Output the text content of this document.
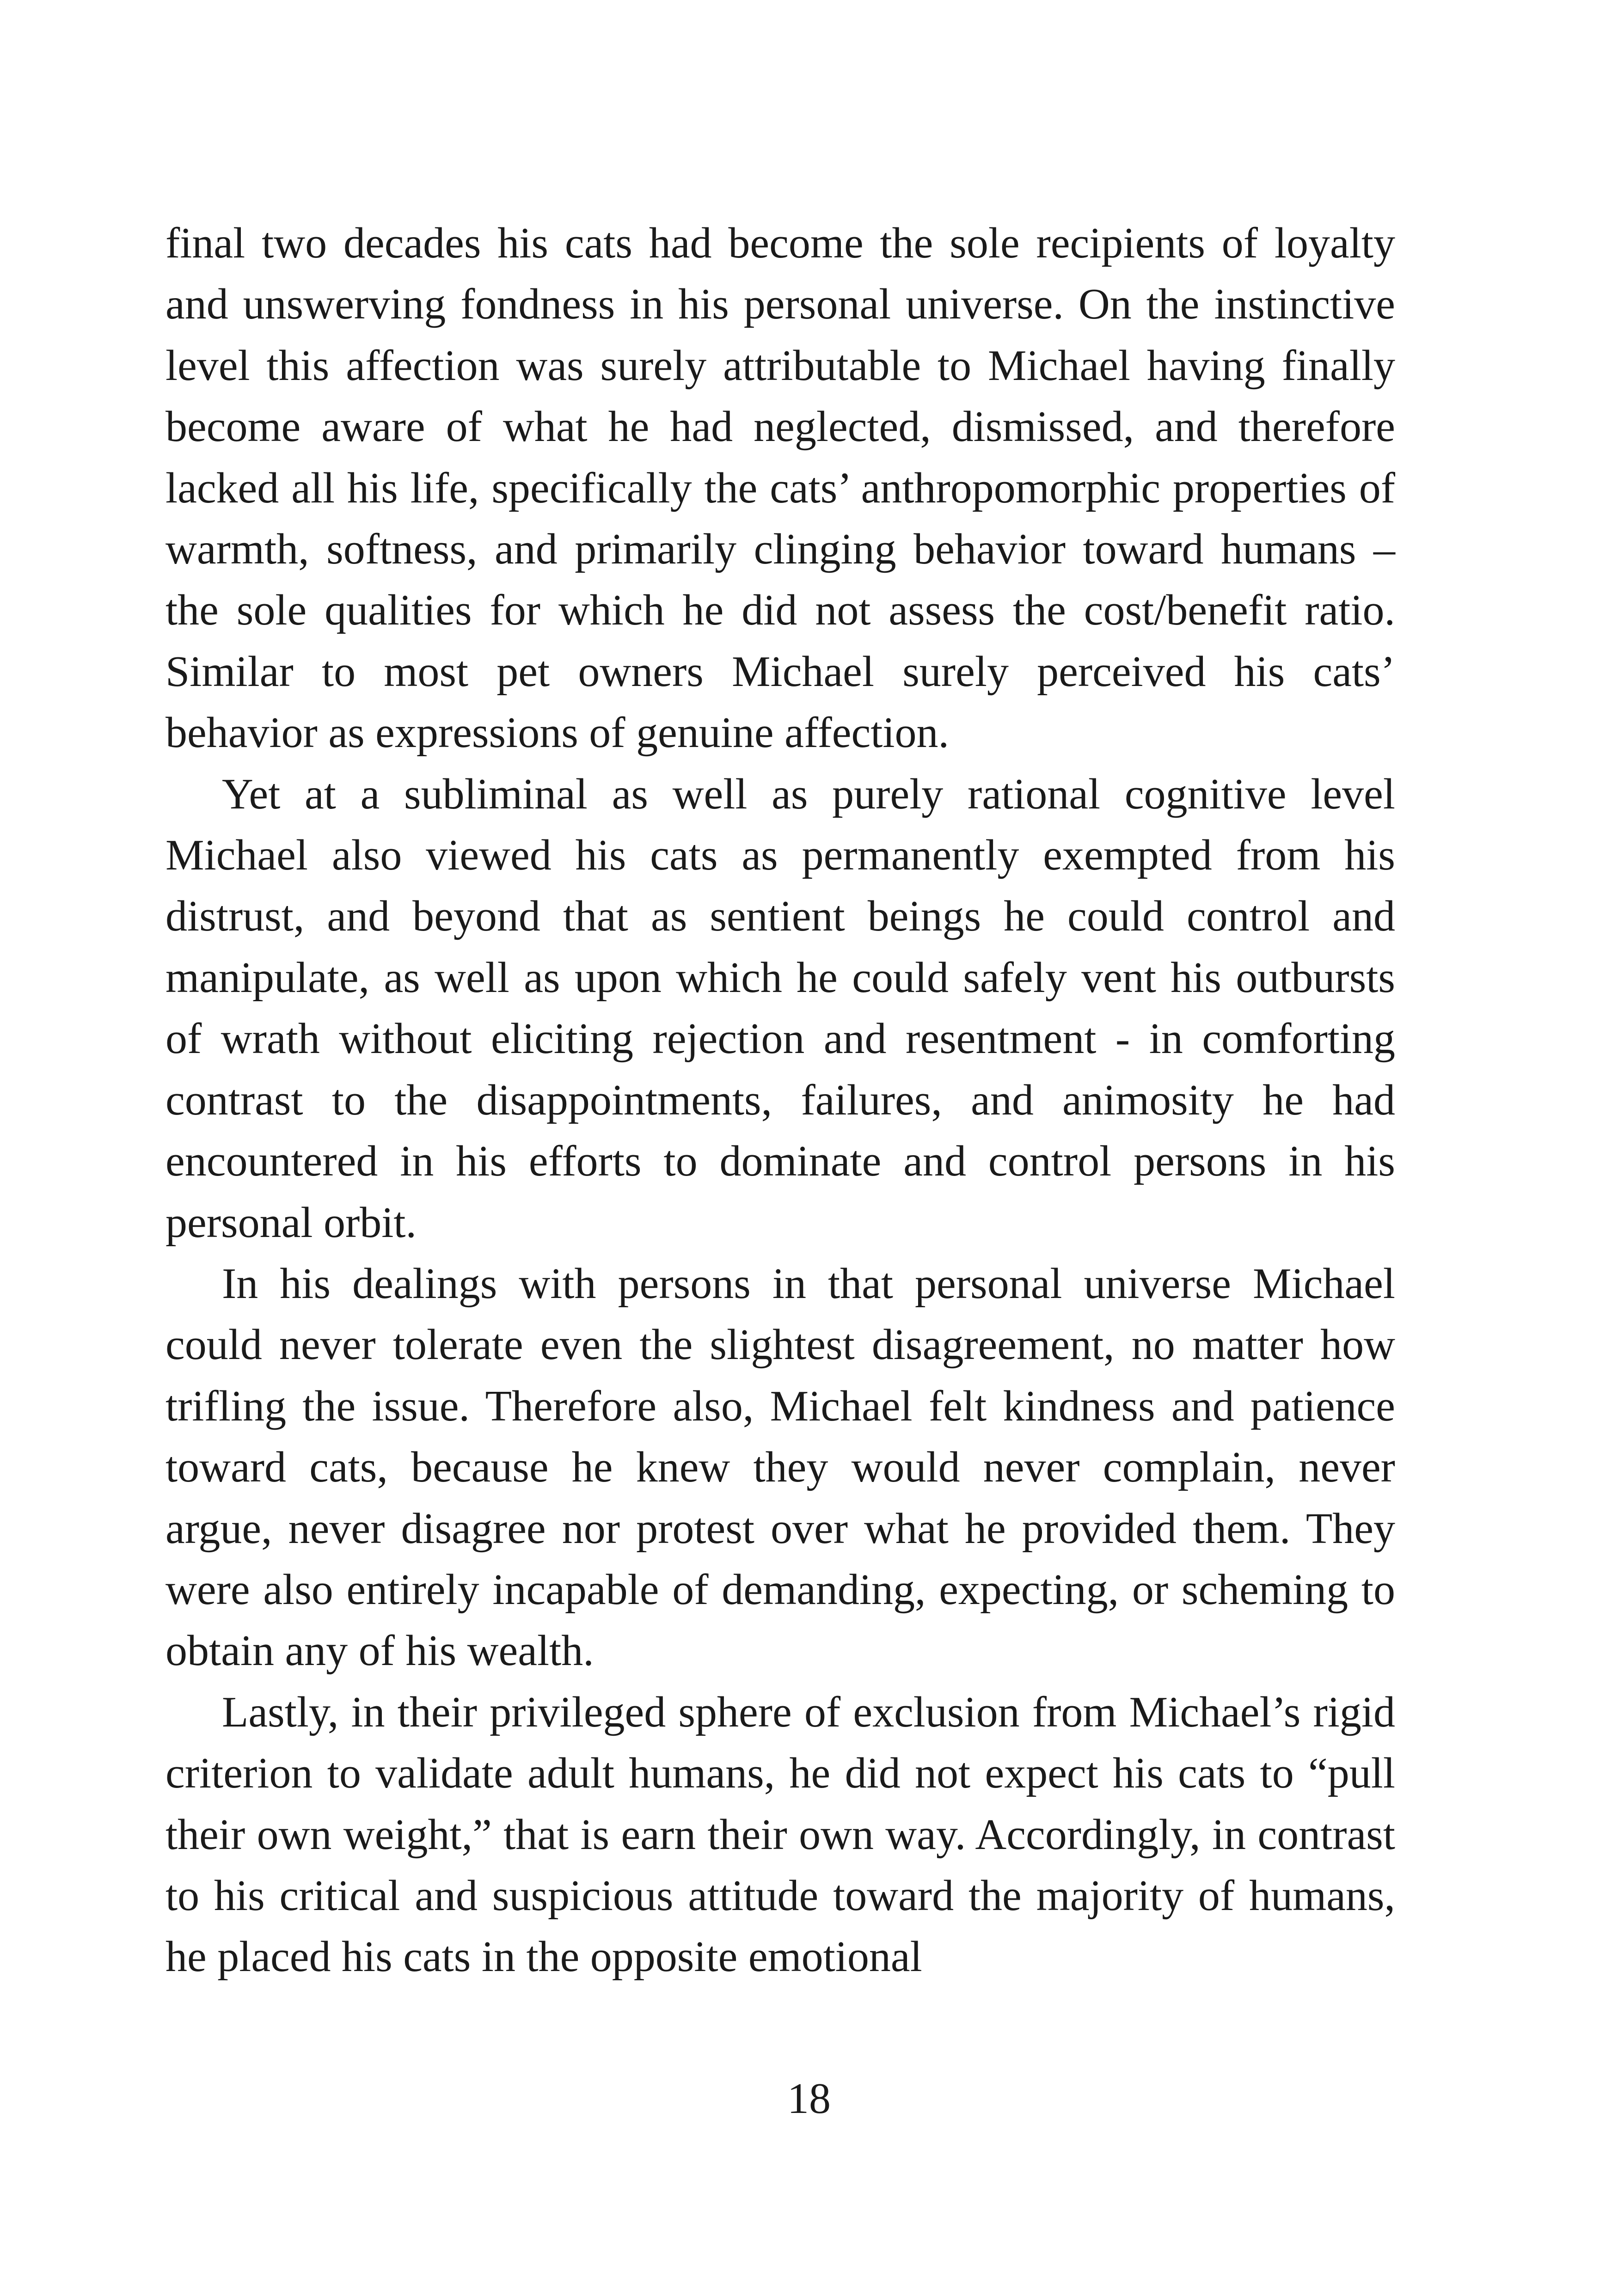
final two decades his cats had become the sole recipients of loyalty and unswerving fondness in his personal universe. On the instinctive level this affection was surely attributable to Michael having finally become aware of what he had neglected, dismissed, and therefore lacked all his life, specifically the cats’ anthropomorphic properties of warmth, softness, and primarily clinging behavior toward humans – the sole qualities for which he did not assess the cost/benefit ratio. Similar to most pet owners Michael surely perceived his cats’ behavior as expressions of genuine affection.

Yet at a subliminal as well as purely rational cognitive level Michael also viewed his cats as permanently exempted from his distrust, and beyond that as sentient beings he could control and manipulate, as well as upon which he could safely vent his outbursts of wrath without eliciting rejection and resentment - in comforting contrast to the disappointments, failures, and animosity he had encountered in his efforts to dominate and control persons in his personal orbit.

In his dealings with persons in that personal universe Michael could never tolerate even the slightest disagreement, no matter how trifling the issue. Therefore also, Michael felt kindness and patience toward cats, because he knew they would never complain, never argue, never disagree nor protest over what he provided them. They were also entirely incapable of demanding, expecting, or scheming to obtain any of his wealth.

Lastly, in their privileged sphere of exclusion from Michael’s rigid criterion to validate adult humans, he did not expect his cats to “pull their own weight,” that is earn their own way. Accordingly, in contrast to his critical and suspicious attitude toward the majority of humans, he placed his cats in the opposite emotional

18
